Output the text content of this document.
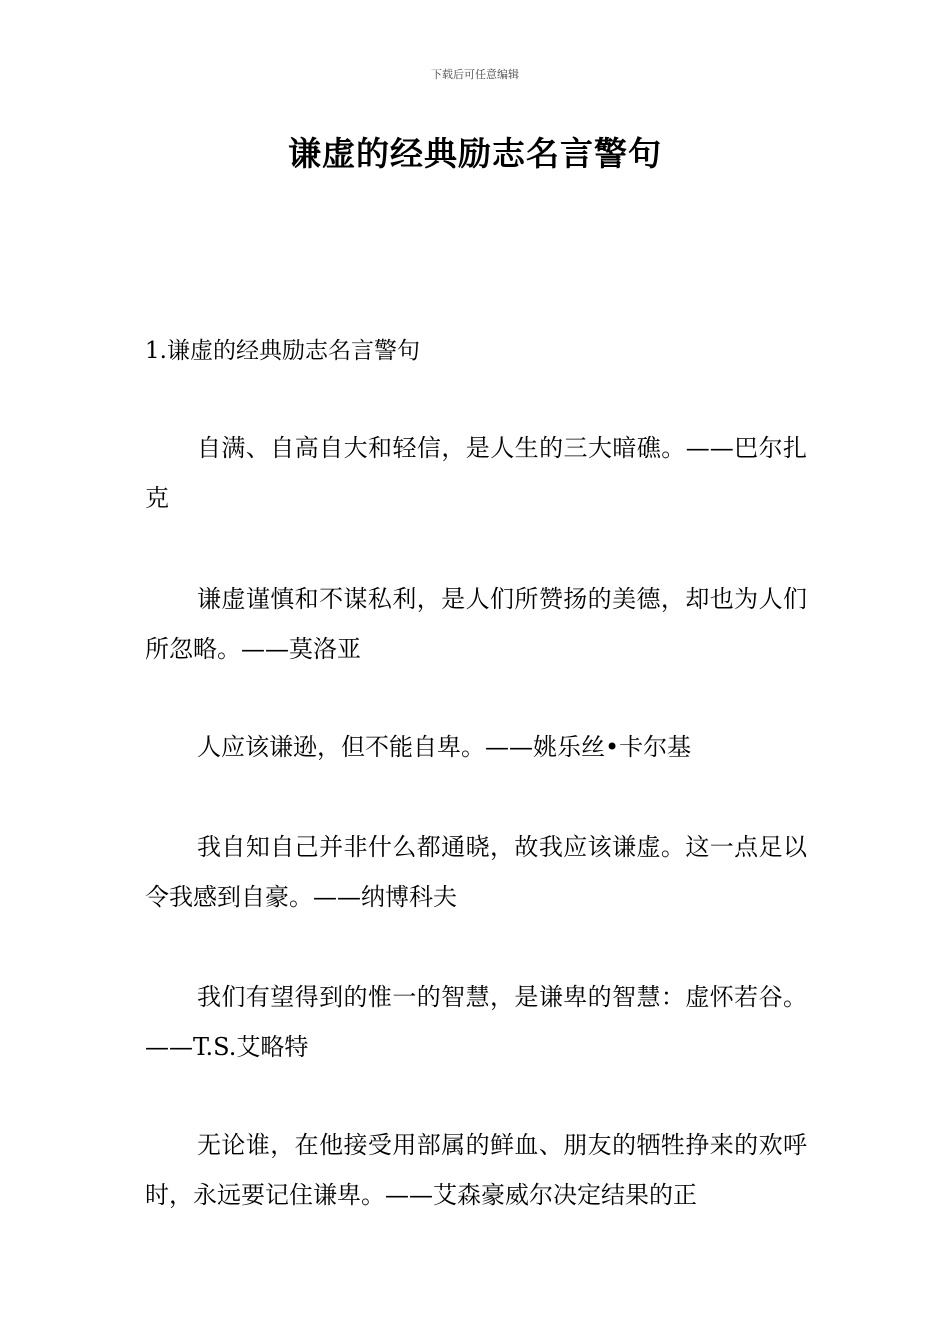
下载后可任意编辑
谦虚的经典励志名言警句

1.谦虚的经典励志名言警句

自满、自高自大和轻信，是人生的三大暗礁。——巴尔扎克

谦虚谨慎和不谋私利，是人们所赞扬的美德，却也为人们所忽略。——莫洛亚

人应该谦逊，但不能自卑。——姚乐丝•卡尔基

我自知自己并非什么都通晓，故我应该谦虚。这一点足以令我感到自豪。——纳博科夫

我们有望得到的惟一的智慧，是谦卑的智慧：虚怀若谷。——T.S.艾略特

无论谁，在他接受用部属的鲜血、朋友的牺牲挣来的欢呼时，永远要记住谦卑。——艾森豪威尔决定结果的正
